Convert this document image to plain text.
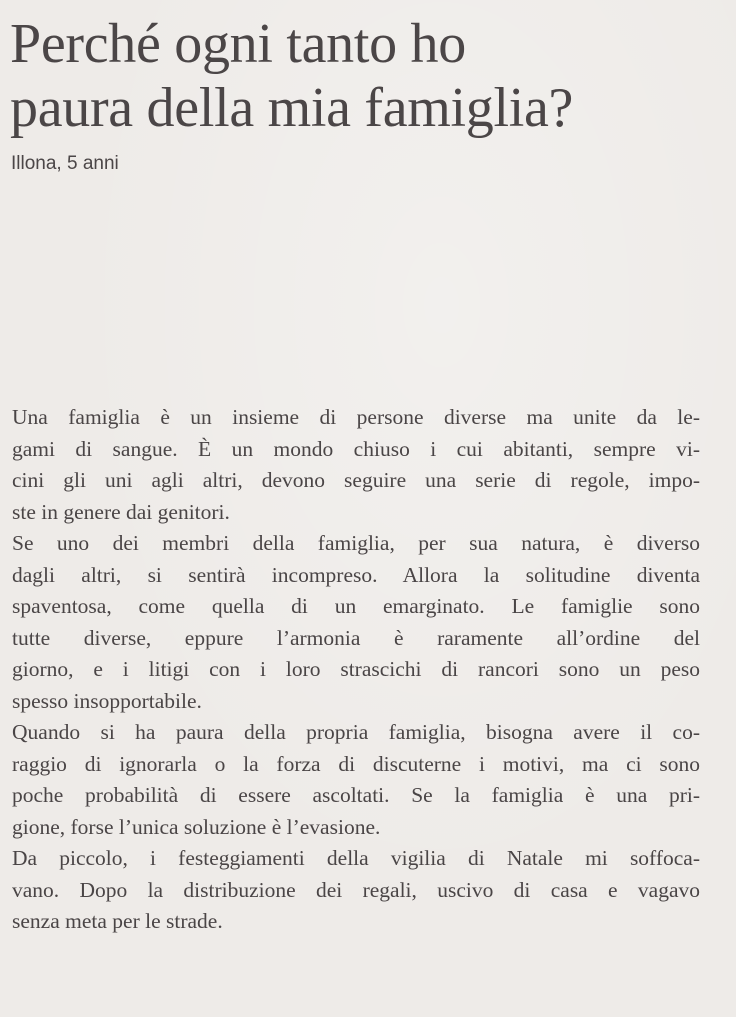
Perché ogni tanto ho
paura della mia famiglia?

Illona, 5 anni

Una famiglia è un insieme di persone diverse ma unite da le-
gami di sangue. È un mondo chiuso i cui abitanti, sempre vi-
cini gli uni agli altri, devono seguire una serie di regole, impo-
ste in genere dai genitori.
Se uno dei membri della famiglia, per sua natura, è diverso
dagli altri, si sentirà incompreso. Allora la solitudine diventa
spaventosa, come quella di un emarginato. Le famiglie sono
tutte diverse, eppure l’armonia è raramente all’ordine del
giorno, e i litigi con i loro strascichi di rancori sono un peso
spesso insopportabile.
Quando si ha paura della propria famiglia, bisogna avere il co-
raggio di ignorarla o la forza di discuterne i motivi, ma ci sono
poche probabilità di essere ascoltati. Se la famiglia è una pri-
gione, forse l’unica soluzione è l’evasione.
Da piccolo, i festeggiamenti della vigilia di Natale mi soffoca-
vano. Dopo la distribuzione dei regali, uscivo di casa e vagavo
senza meta per le strade.
